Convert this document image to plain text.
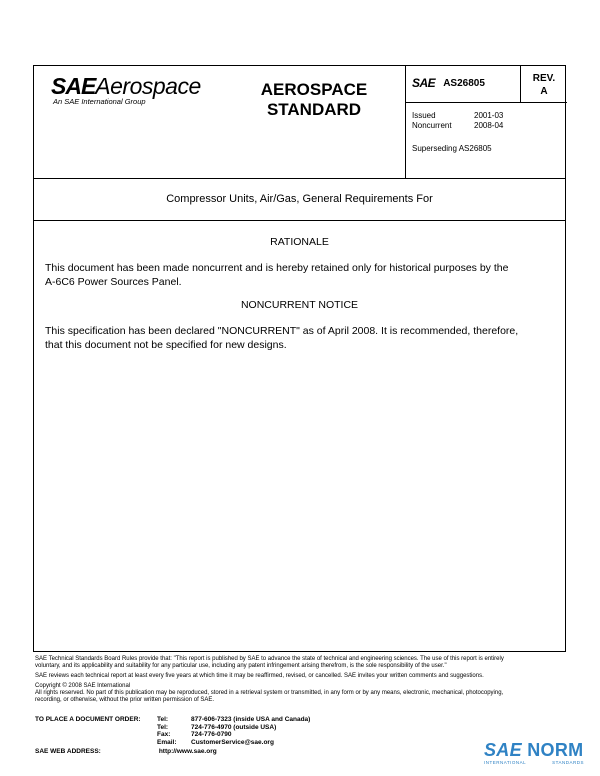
SAEAerospace
An SAE International Group
AEROSPACE
STANDARD
SAE AS26805	REV.
A
Issued	2001-03
Noncurrent	2008-04
Superseding AS26805
Compressor Units, Air/Gas, General Requirements For
RATIONALE
This document has been made noncurrent and is hereby retained only for historical purposes by the
A-6C6 Power Sources Panel.
NONCURRENT NOTICE
This specification has been declared "NONCURRENT" as of April 2008. It is recommended, therefore,
that this document not be specified for new designs.

SAE Technical Standards Board Rules provide that: "This report is published by SAE to advance the state of technical and engineering sciences. The use of this report is entirely
voluntary, and its applicability and suitability for any particular use, including any patent infringement arising therefrom, is the sole responsibility of the user."

SAE reviews each technical report at least every five years at which time it may be reaffirmed, revised, or cancelled. SAE invites your written comments and suggestions.

Copyright © 2008 SAE International
All rights reserved. No part of this publication may be reproduced, stored in a retrieval system or transmitted, in any form or by any means, electronic, mechanical, photocopying,
recording, or otherwise, without the prior written permission of SAE.

TO PLACE A DOCUMENT ORDER:	Tel:	877-606-7323 (inside USA and Canada)
Tel:	724-776-4970 (outside USA)
Fax:	724-776-0790
Email:	CustomerService@sae.org
SAE WEB ADDRESS:	http://www.sae.org	SAE NORM
INTERNATIONAL	STANDARDS
